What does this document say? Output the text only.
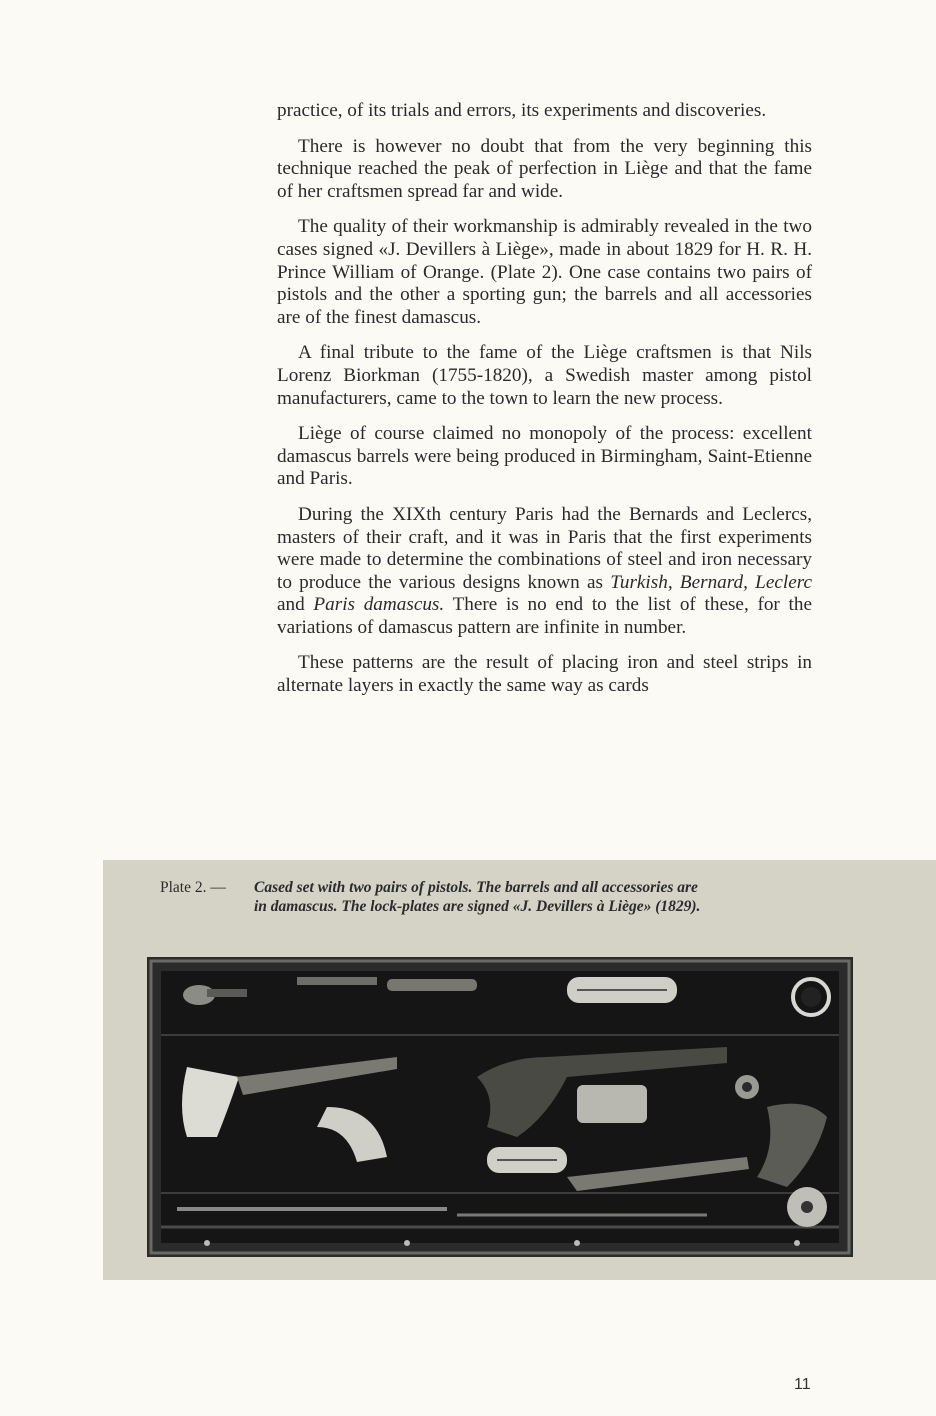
practice, of its trials and errors, its experiments and discoveries.

There is however no doubt that from the very beginning this technique reached the peak of perfection in Liège and that the fame of her craftsmen spread far and wide.

The quality of their workmanship is admirably revealed in the two cases signed «J. Devillers à Liège», made in about 1829 for H. R. H. Prince William of Orange. (Plate 2). One case contains two pairs of pistols and the other a sporting gun; the barrels and all accessories are of the finest damascus.

A final tribute to the fame of the Liège craftsmen is that Nils Lorenz Biorkman (1755-1820), a Swedish master among pistol manufacturers, came to the town to learn the new process.

Liège of course claimed no monopoly of the process: excellent damascus barrels were being produced in Birmingham, Saint-Etienne and Paris.

During the XIXth century Paris had the Bernards and Leclercs, masters of their craft, and it was in Paris that the first experiments were made to determine the combinations of steel and iron necessary to produce the various designs known as Turkish, Bernard, Leclerc and Paris damascus. There is no end to the list of these, for the variations of damascus pattern are infinite in number.

These patterns are the result of placing iron and steel strips in alternate layers in exactly the same way as cards

Plate 2. — Cased set with two pairs of pistols. The barrels and all accessories are in damascus. The lock-plates are signed «J. Devillers à Liège» (1829).
11
